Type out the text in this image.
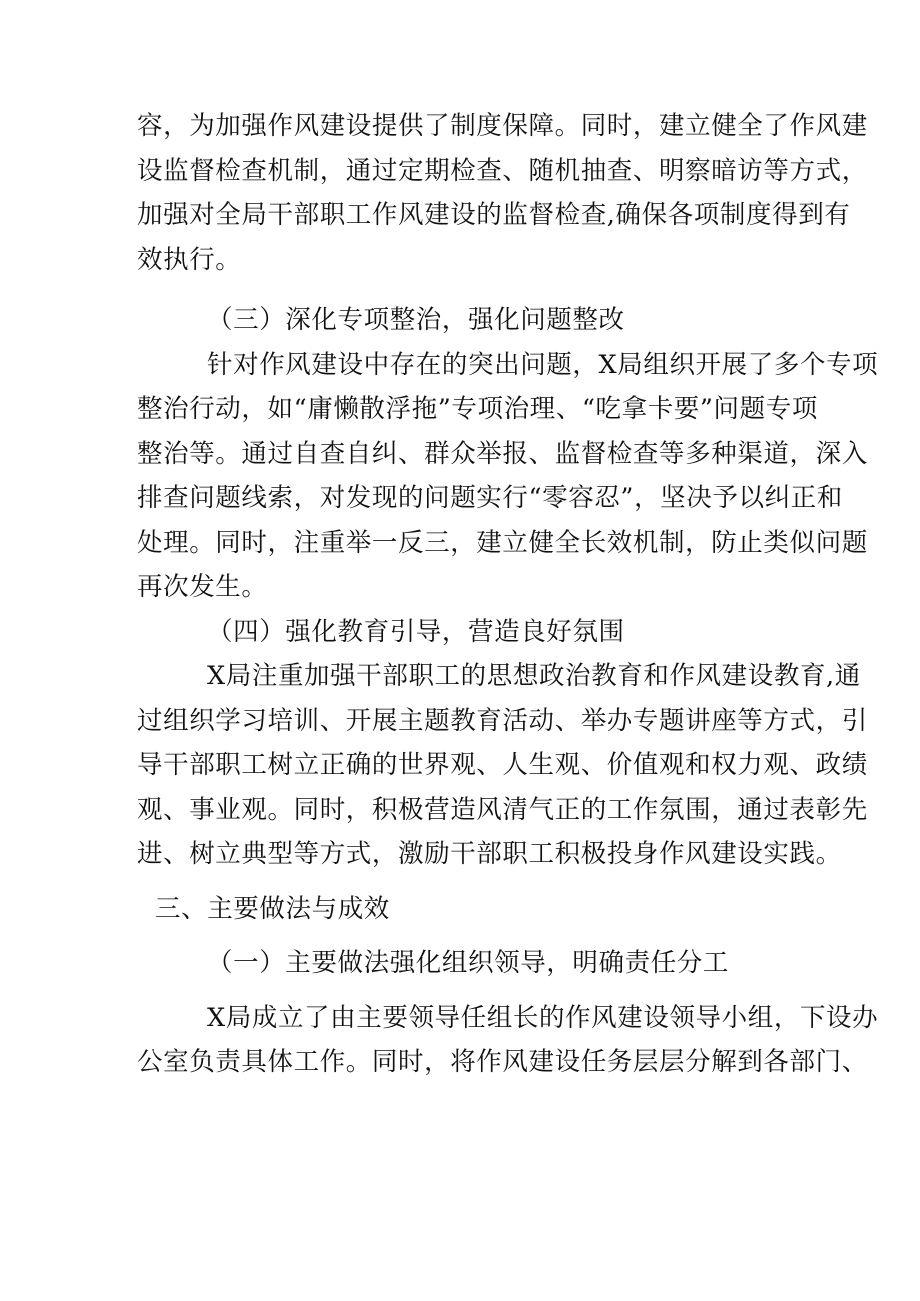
容，为加强作风建设提供了制度保障。同时，建立健全了作风建
设监督检查机制，通过定期检查、随机抽查、明察暗访等方式，
加强对全局干部职工作风建设的监督检查,确保各项制度得到有
效执行。
（三）深化专项整治，强化问题整改
针对作风建设中存在的突出问题，X局组织开展了多个专项
整治行动，如“庸懒散浮拖”专项治理、“吃拿卡要”问题专项
整治等。通过自查自纠、群众举报、监督检查等多种渠道，深入
排查问题线索，对发现的问题实行“零容忍”，坚决予以纠正和
处理。同时，注重举一反三，建立健全长效机制，防止类似问题
再次发生。
（四）强化教育引导，营造良好氛围
X局注重加强干部职工的思想政治教育和作风建设教育,通
过组织学习培训、开展主题教育活动、举办专题讲座等方式，引
导干部职工树立正确的世界观、人生观、价值观和权力观、政绩
观、事业观。同时，积极营造风清气正的工作氛围，通过表彰先
进、树立典型等方式，激励干部职工积极投身作风建设实践。
三、主要做法与成效
（一）主要做法强化组织领导，明确责任分工
X局成立了由主要领导任组长的作风建设领导小组，下设办
公室负责具体工作。同时，将作风建设任务层层分解到各部门、
